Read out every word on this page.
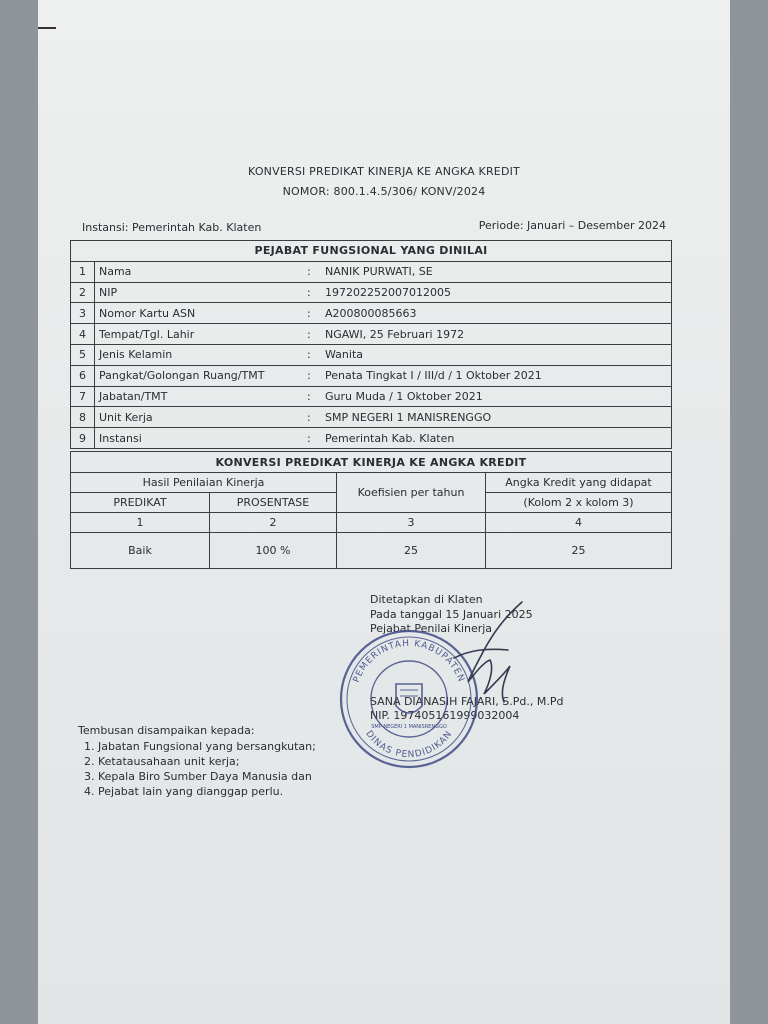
KONVERSI PREDIKAT KINERJA KE ANGKA KREDIT
NOMOR: 800.1.4.5/306/ KONV/2024
Instansi: Pemerintah Kab. Klaten	Periode: Januari – Desember 2024
PEJABAT FUNGSIONAL YANG DINILAI		
1	Nama	: NANIK PURWATI, SE
2	NIP	: 197202252007012005
3	Nomor Kartu ASN	: A200800085663
4	Tempat/Tgl. Lahir	: NGAWI, 25 Februari 1972
5	Jenis Kelamin	: Wanita
6	Pangkat/Golongan Ruang/TMT	: Penata Tingkat I / III/d / 1 Oktober 2021
7	Jabatan/TMT	: Guru Muda / 1 Oktober 2021
8	Unit Kerja	: SMP NEGERI 1 MANISRENGGO
9	Instansi	: Pemerintah Kab. Klaten
KONVERSI PREDIKAT KINERJA KE ANGKA KREDIT			
Hasil Penilaian Kinerja		Koefisien per tahun	Angka Kredit yang didapat
PREDIKAT	PROSENTASE		(Kolom 2 x kolom 3)
1	2	3	4
Baik	100 %	25	25
Ditetapkan di Klaten
Pada tanggal 15 Januari 2025
Pejabat Penilai Kinerja
SANA DIANASIH FAJARI, S.Pd., M.Pd
NIP. 197405161999032004
PEMERINTAH KABUPATEN
DINAS PENDIDIKAN
SMP NEGERI 1 MANISRENGGO
Tembusan disampaikan kepada:
1. Jabatan Fungsional yang bersangkutan;
2. Ketatausahaan unit kerja;
3. Kepala Biro Sumber Daya Manusia dan
4. Pejabat lain yang dianggap perlu.
